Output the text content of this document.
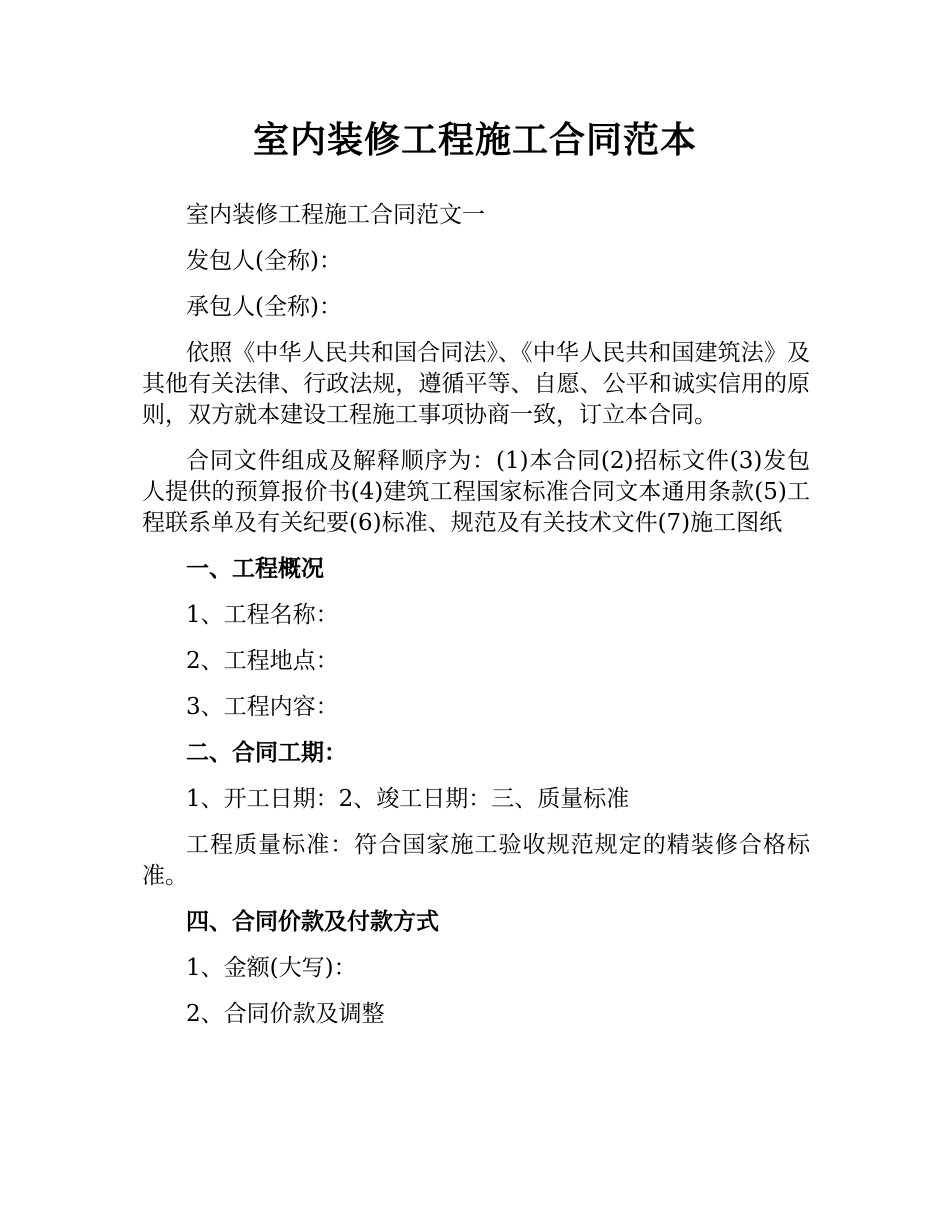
室内装修工程施工合同范本

室内装修工程施工合同范文一

发包人(全称)：

承包人(全称)：

依照《中华人民共和国合同法》、《中华人民共和国建筑法》及其他有关法律、行政法规，遵循平等、自愿、公平和诚实信用的原则，双方就本建设工程施工事项协商一致，订立本合同。

合同文件组成及解释顺序为：(1)本合同(2)招标文件(3)发包人提供的预算报价书(4)建筑工程国家标准合同文本通用条款(5)工程联系单及有关纪要(6)标准、规范及有关技术文件(7)施工图纸

一、工程概况

1、工程名称：

2、工程地点：

3、工程内容：

二、合同工期：

1、开工日期：2、竣工日期：三、质量标准

工程质量标准：符合国家施工验收规范规定的精装修合格标准。

四、合同价款及付款方式

1、金额(大写)：

2、合同价款及调整
